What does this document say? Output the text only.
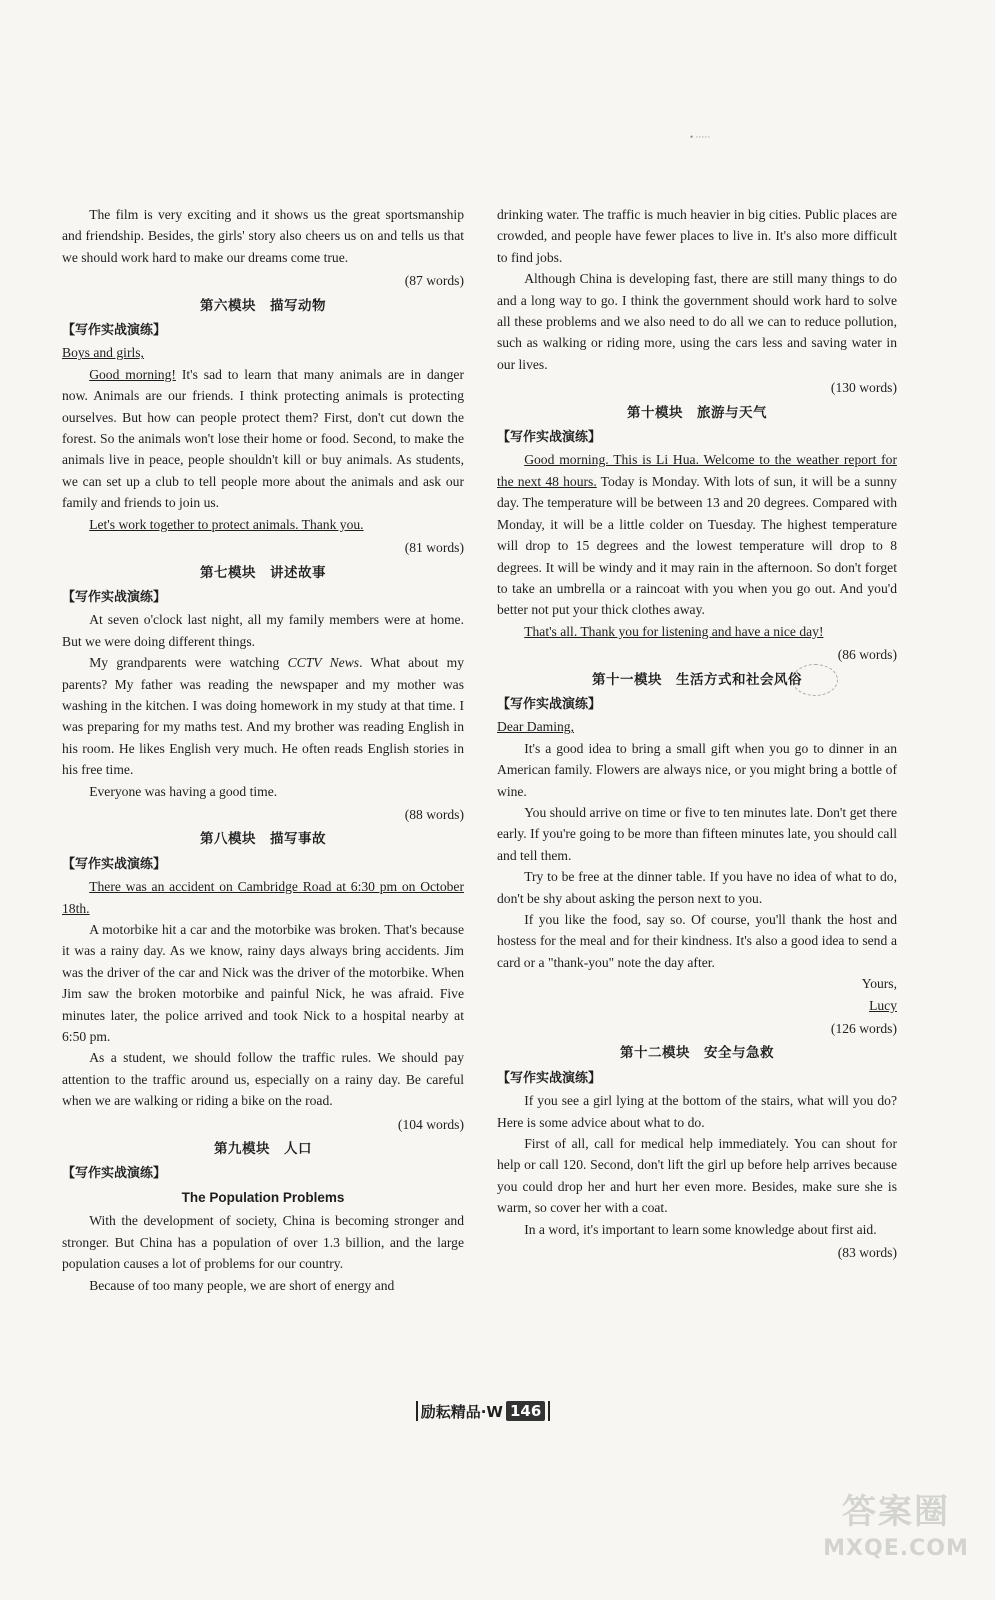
• ·····

The film is very exciting and it shows us the great sportsmanship and friendship. Besides, the girls' story also cheers us on and tells us that we should work hard to make our dreams come true.

(87 words)

第六模块 描写动物

【写作实战演练】

Boys and girls,

Good morning! It's sad to learn that many animals are in danger now. Animals are our friends. I think protecting animals is protecting ourselves. But how can people protect them? First, don't cut down the forest. So the animals won't lose their home or food. Second, to make the animals live in peace, people shouldn't kill or buy animals. As students, we can set up a club to tell people more about the animals and ask our family and friends to join us.

Let's work together to protect animals. Thank you.

(81 words)

第七模块 讲述故事

【写作实战演练】

At seven o'clock last night, all my family members were at home. But we were doing different things.

My grandparents were watching CCTV News. What about my parents? My father was reading the newspaper and my mother was washing in the kitchen. I was doing homework in my study at that time. I was preparing for my maths test. And my brother was reading English in his room. He likes English very much. He often reads English stories in his free time.

Everyone was having a good time.

(88 words)

第八模块 描写事故

【写作实战演练】

There was an accident on Cambridge Road at 6:30 pm on October 18th.

A motorbike hit a car and the motorbike was broken. That's because it was a rainy day. As we know, rainy days always bring accidents. Jim was the driver of the car and Nick was the driver of the motorbike. When Jim saw the broken motorbike and painful Nick, he was afraid. Five minutes later, the police arrived and took Nick to a hospital nearby at 6:50 pm.

As a student, we should follow the traffic rules. We should pay attention to the traffic around us, especially on a rainy day. Be careful when we are walking or riding a bike on the road.

(104 words)

第九模块 人口

【写作实战演练】

The Population Problems

With the development of society, China is becoming stronger and stronger. But China has a population of over 1.3 billion, and the large population causes a lot of problems for our country.

Because of too many people, we are short of energy and

drinking water. The traffic is much heavier in big cities. Public places are crowded, and people have fewer places to live in. It's also more difficult to find jobs.

Although China is developing fast, there are still many things to do and a long way to go. I think the government should work hard to solve all these problems and we also need to do all we can to reduce pollution, such as walking or riding more, using the cars less and saving water in our lives.

(130 words)

第十模块 旅游与天气

【写作实战演练】

Good morning. This is Li Hua. Welcome to the weather report for the next 48 hours. Today is Monday. With lots of sun, it will be a sunny day. The temperature will be between 13 and 20 degrees. Compared with Monday, it will be a little colder on Tuesday. The highest temperature will drop to 15 degrees and the lowest temperature will drop to 8 degrees. It will be windy and it may rain in the afternoon. So don't forget to take an umbrella or a raincoat with you when you go out. And you'd better not put your thick clothes away.

That's all. Thank you for listening and have a nice day!

(86 words)

第十一模块 生活方式和社会风俗

【写作实战演练】

Dear Daming,

It's a good idea to bring a small gift when you go to dinner in an American family. Flowers are always nice, or you might bring a bottle of wine.

You should arrive on time or five to ten minutes late. Don't get there early. If you're going to be more than fifteen minutes late, you should call and tell them.

Try to be free at the dinner table. If you have no idea of what to do, don't be shy about asking the person next to you.

If you like the food, say so. Of course, you'll thank the host and hostess for the meal and for their kindness. It's also a good idea to send a card or a "thank-you" note the day after.

Yours,

Lucy

(126 words)

第十二模块 安全与急救

【写作实战演练】

If you see a girl lying at the bottom of the stairs, what will you do? Here is some advice about what to do.

First of all, call for medical help immediately. You can shout for help or call 120. Second, don't lift the girl up before help arrives because you could drop her and hurt her even more. Besides, make sure she is warm, so cover her with a coat.

In a word, it's important to learn some knowledge about first aid.

(83 words)

励耘精品·W 146
答案圈
MXQE.COM
